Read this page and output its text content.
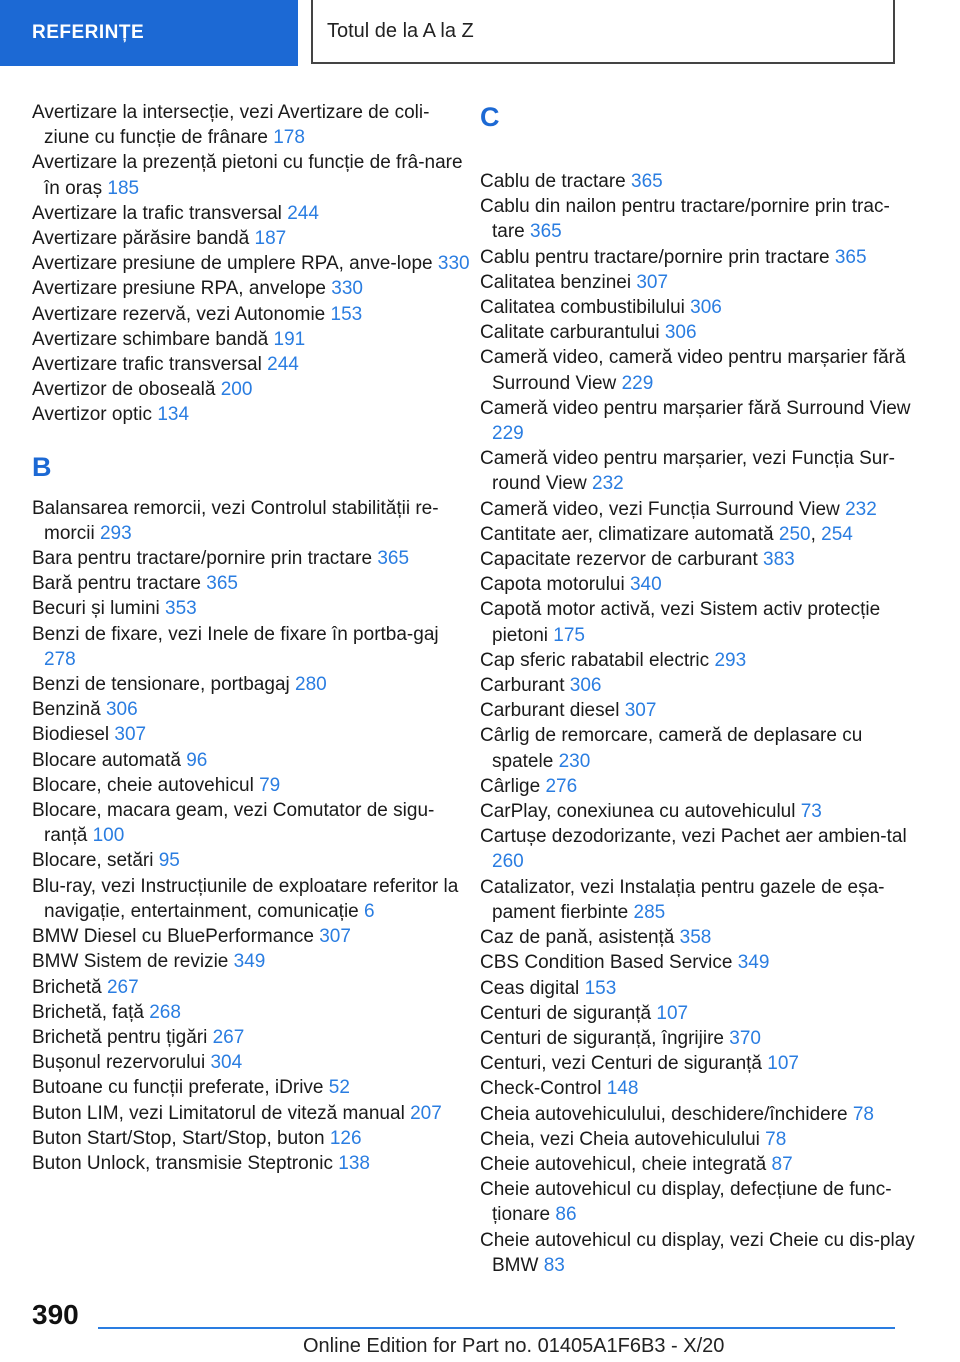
REFERINȚE	Totul de la A la Z

Avertizare la intersecție, vezi Avertizare de coli-ziune cu funcție de frânare 178

Avertizare la prezență pietoni cu funcție de frâ-nare în oraș 185

Avertizare la trafic transversal 244

Avertizare părăsire bandă 187

Avertizare presiune de umplere RPA, anve-lope 330

Avertizare presiune RPA, anvelope 330

Avertizare rezervă, vezi Autonomie 153

Avertizare schimbare bandă 191

Avertizare trafic transversal 244

Avertizor de oboseală 200

Avertizor optic 134

B

Balansarea remorcii, vezi Controlul stabilității re-morcii 293

Bara pentru tractare/pornire prin tractare 365

Bară pentru tractare 365

Becuri și lumini 353

Benzi de fixare, vezi Inele de fixare în portba-gaj 278

Benzi de tensionare, portbagaj 280

Benzină 306

Biodiesel 307

Blocare automată 96

Blocare, cheie autovehicul 79

Blocare, macara geam, vezi Comutator de sigu-ranță 100

Blocare, setări 95

Blu-ray, vezi Instrucțiunile de exploatare referitor la navigație, entertainment, comunicație 6

BMW Diesel cu BluePerformance 307

BMW Sistem de revizie 349

Brichetă 267

Brichetă, față 268

Brichetă pentru țigări 267

Bușonul rezervorului 304

Butoane cu funcții preferate, iDrive 52

Buton LIM, vezi Limitatorul de viteză manual 207

Buton Start/Stop, Start/Stop, buton 126

Buton Unlock, transmisie Steptronic 138

C

Cablu de tractare 365

Cablu din nailon pentru tractare/pornire prin trac-tare 365

Cablu pentru tractare/pornire prin tractare 365

Calitatea benzinei 307

Calitatea combustibilului 306

Calitate carburantului 306

Cameră video, cameră video pentru marșarier fără Surround View 229

Cameră video pentru marșarier fără Surround View 229

Cameră video pentru marșarier, vezi Funcția Sur-round View 232

Cameră video, vezi Funcția Surround View 232

Cantitate aer, climatizare automată 250, 254

Capacitate rezervor de carburant 383

Capota motorului 340

Capotă motor activă, vezi Sistem activ protecție pietoni 175

Cap sferic rabatabil electric 293

Carburant 306

Carburant diesel 307

Cârlig de remorcare, cameră de deplasare cu spatele 230

Cârlige 276

CarPlay, conexiunea cu autovehiculul 73

Cartușe dezodorizante, vezi Pachet aer ambien-tal 260

Catalizator, vezi Instalația pentru gazele de eșa-pament fierbinte 285

Caz de pană, asistență 358

CBS Condition Based Service 349

Ceas digital 153

Centuri de siguranță 107

Centuri de siguranță, îngrijire 370

Centuri, vezi Centuri de siguranță 107

Check-Control 148

Cheia autovehiculului, deschidere/închidere 78

Cheia, vezi Cheia autovehiculului 78

Cheie autovehicul, cheie integrată 87

Cheie autovehicul cu display, defecțiune de func-ționare 86

Cheie autovehicul cu display, vezi Cheie cu dis-play BMW 83

390
Online Edition for Part no. 01405A1F6B3 - X/20
